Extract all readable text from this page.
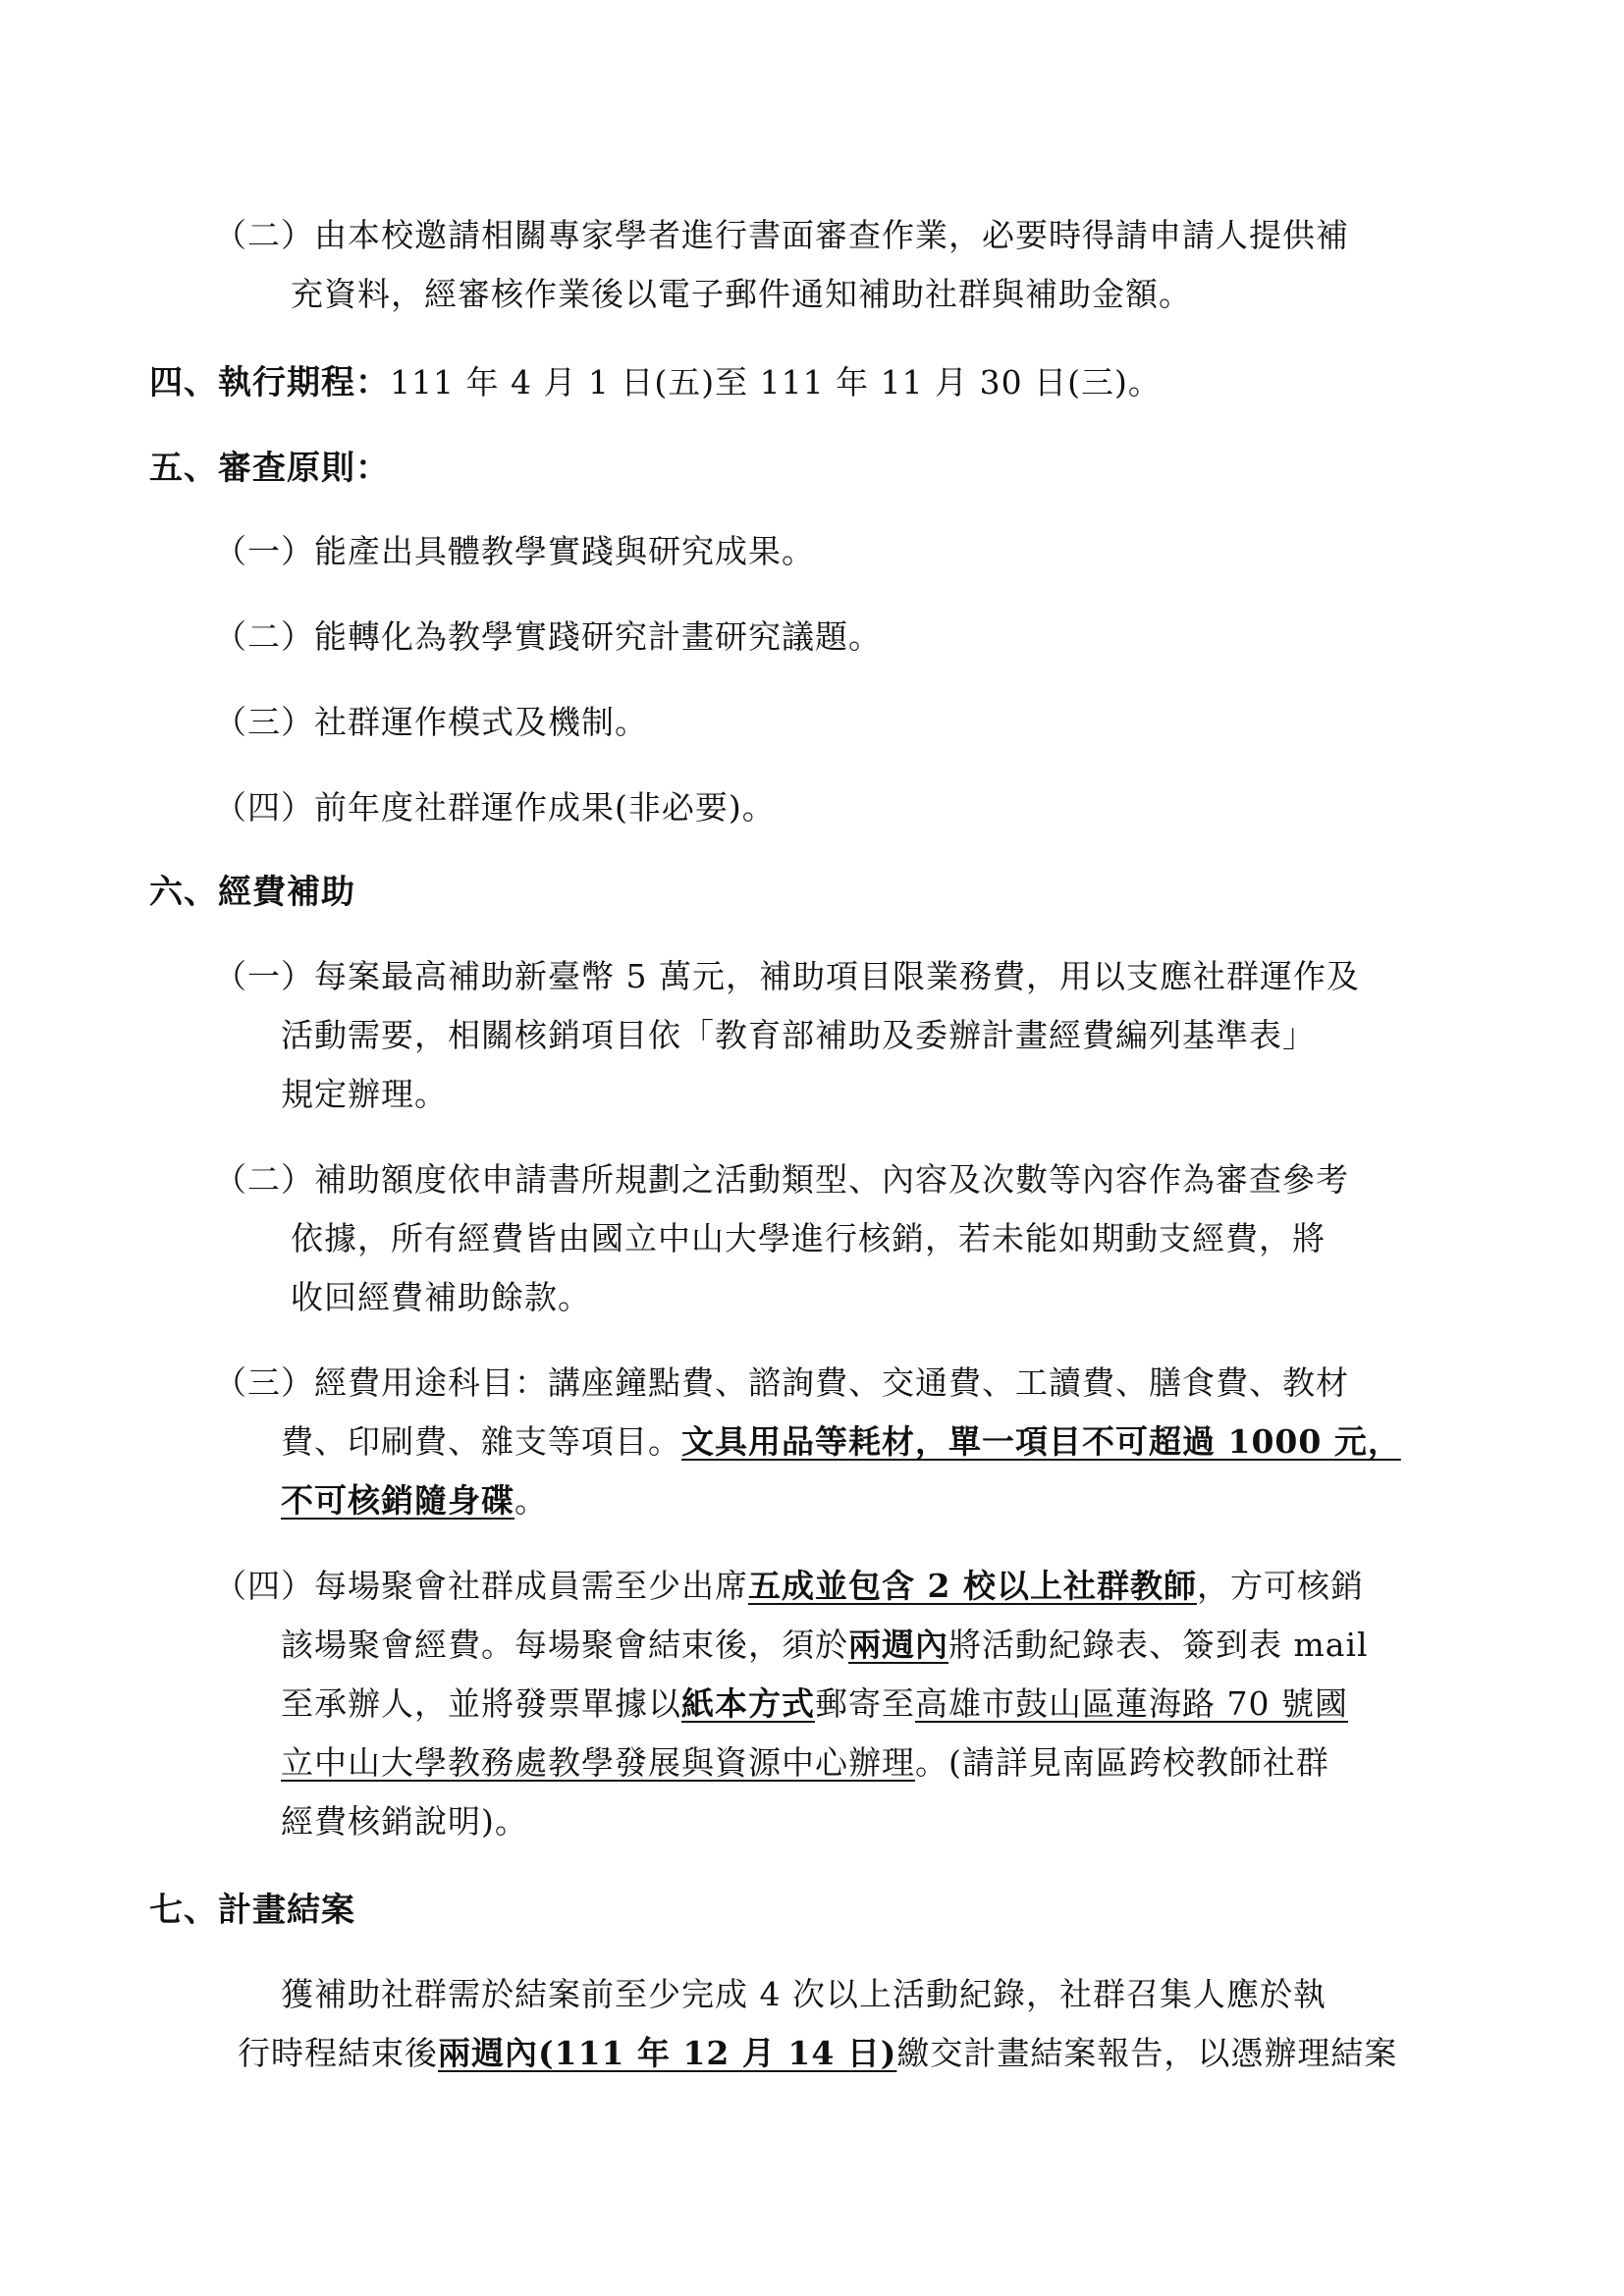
（二）由本校邀請相關專家學者進行書面審查作業，必要時得請申請人提供補
充資料，經審核作業後以電子郵件通知補助社群與補助金額。
四、執行期程：111 年 4 月 1 日(五)至 111 年 11 月 30 日(三)。
五、審查原則：
（一）能產出具體教學實踐與研究成果。
（二）能轉化為教學實踐研究計畫研究議題。
（三）社群運作模式及機制。
（四）前年度社群運作成果(非必要)。
六、經費補助
（一）每案最高補助新臺幣 5 萬元，補助項目限業務費，用以支應社群運作及
活動需要，相關核銷項目依「教育部補助及委辦計畫經費編列基準表」
規定辦理。
（二）補助額度依申請書所規劃之活動類型、內容及次數等內容作為審查參考
依據，所有經費皆由國立中山大學進行核銷，若未能如期動支經費，將
收回經費補助餘款。
（三）經費用途科目：講座鐘點費、諮詢費、交通費、工讀費、膳食費、教材
費、印刷費、雜支等項目。文具用品等耗材，單一項目不可超過 1000 元，
不可核銷隨身碟。
（四）每場聚會社群成員需至少出席五成並包含 2 校以上社群教師，方可核銷
該場聚會經費。每場聚會結束後，須於兩週內將活動紀錄表、簽到表 mail
至承辦人，並將發票單據以紙本方式郵寄至高雄市鼓山區蓮海路 70 號國
立中山大學教務處教學發展與資源中心辦理。(請詳見南區跨校教師社群
經費核銷說明)。
七、計畫結案
獲補助社群需於結案前至少完成 4 次以上活動紀錄，社群召集人應於執
行時程結束後兩週內(111 年 12 月 14 日)繳交計畫結案報告，以憑辦理結案
